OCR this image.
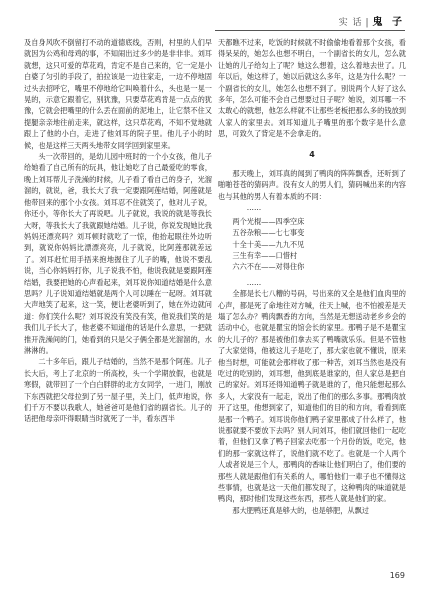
实 话 | 鬼 子

及自身风吹不倒留打不动的道德底线，否则，村里的人们早就因为公鸡和母鸡的事，不知闹出过多少的是非非非。刘耳就想，这只可爱的草花鸡，肯定不是自己来的，它一定是小白婆了匀引的手段了，拍拉该是一边往家走，一边不停地固过头去招呼它，嘴里不停地给它叫唤着什么，头也是一晃一晃的，示意它跟着它，别犹豫，只要草花鸡肯是一点点的犹豫，它就会把嘴里的什么丢在面前的泥地上，让它禁不住又提腿亲亲地往前走来，就这样，这只草花鸡，不知不觉地就跟上了他的小白，走进了他刘耳的院子里。他儿子小的时候，也是这样三天两头地带女同学回到家里来。

头一次带回的，是幼儿园中班时的一个小女孩，他儿子给她看了自己所有的玩具，他让她吃了自己最爱吃的零食，晚上刘耳帮儿子洗澡的时候，儿子看了看自己的身子，光溜溜的，就说，爸，我长大了我一定要跟阿莲结婚，阿莲就是他带回来的那个小女孩。刘耳忍不住就笑了，他对儿子说，你还小，等你长大了再说吧。儿子就说，我说的就是等我长大呀，等我长大了我就跟她结婚。儿子说，你说发现她比我妈妈还漂亮吗？刘耳顿时就吃了一惊，他抬起眼往外边听到，就说你妈妈比漂漂亮亮，儿子就说，比阿莲那就差远了。刘耳赶忙用手捂来抱地握住了儿子的嘴，他说不要乱说，当心你妈妈打你，儿子说我不怕，他说我就是要跟阿莲结婚，我要把她的心声看起来，刘耳说你知道结婚是什么意思吗？儿子说知道结婚就是两个人可以睡在一起呀。刘耳就大声地笑了起来，这一笑，便让老婆听到了，她在外边就问道：你们笑什么呢？刘耳说没有笑没有笑，他说我们笑的是我们儿子长大了，他老婆不知道他的话是什么意思，一把就推开洗澡间的门，她看到的只是父子俩全都是光溜溜的，水淋淋的。

二十多年后，跟儿子结婚的，当然不是那个阿莲。儿子长大后，考上了北京的一所高校，头一个学期放假，也就是寒假，就带回了一个白白胖胖的北方女同学，一进门，刚放下东西就把父母拉到了另一屋子里，关上门，低声地说，你们千万不要以我歌人，她爸爸可是他们省的副省长。儿子的话把他母亲吓得眼睛当时就死了一半，看东西半

天都瞧不过来，吃饭的时候就不时偷偷地看着那个女孩，看得呆呆的，她怎么也想不明白，一个副省长的女儿，怎么就让她的儿子给勾上了呢？她这么想着，这么着地去世了。几年以后，她这样了，她以后就这么多年，这是为什么呢？一个副省长的女儿，她怎么也想不到了。别说两个人好了这么多年，怎么可能不会自己想要过日子呢？她说，刘耳哪一不太敢心的就想，他怎么样就不让那些老板把那么多的钱放到人家人的家里去。刘耳知道儿子嘴里的那个数字是什么意思，可致久了背定是不会拿走的。

4

那天晚上，刘耳真的闻到了鸭肉的阵阵飘香，还听到了啪啪苍苍的猜码声。没有女人的男人们，猜码喊出来的内容也与其他的男人有着本质的不同：

……

两个光棍——四季空床
五谷杂粮——七七事变
十全十美——九九不见
三生有幸——口惜村
六六不在——对得住你

……

全都是长七八糟的号码，号出来的又全是他们血肉里的心声，都是死了命地往对方喊，往天上喊，也不怕被差是天塌了怎么办？鸭肉飘香的方向，当然是无想送动老乡乡会的活动中心，也就是瞿宝的馆会长的家里。那鸭子是不是瞿宝的大儿子的？那是被他们拿去买了鸭嘴就乐乐。但是不管他了大家觉得，他被这儿子是吃了，那大家也就不懂说，原来他当时想，可能就会那样收了那一种苦，刘耳当然也是没有吃过的吃别的，刘耳想，他到底是谁家的，但人家总是把自己的家好。刘耳还得知道鸭子就是谁的了，他只能想起那么多人，大家没有一起走，说出了他们的那么多事。那鸭肉放开了这里，他想到家了，知道他们的目的和方向，看看到底是那一个鸭子。刘耳说你他们鸭子家里都成了什么样了，他说那就要不要放下去吗？别人问刘耳，他们就回他们一起吃着，但他们又拿了鸭子回家去吃那一个月份的饭，吃完，他们的那一家就这样了，说他们就不吃了。也就是一个人两个人或者说是三个人，那鸭肉的香味让他们明白了，他们要的那些人就是跟他们有关系的人，哪怕他们一辈子也不懂得这些事情，也就是这一天他们都发现了，这种鸭肉的味道就是鸭肉，那时他们发现这些东西，那些人就是他们的家。

那大肥鸭还真是够大的，也是够肥，从飘过

169
